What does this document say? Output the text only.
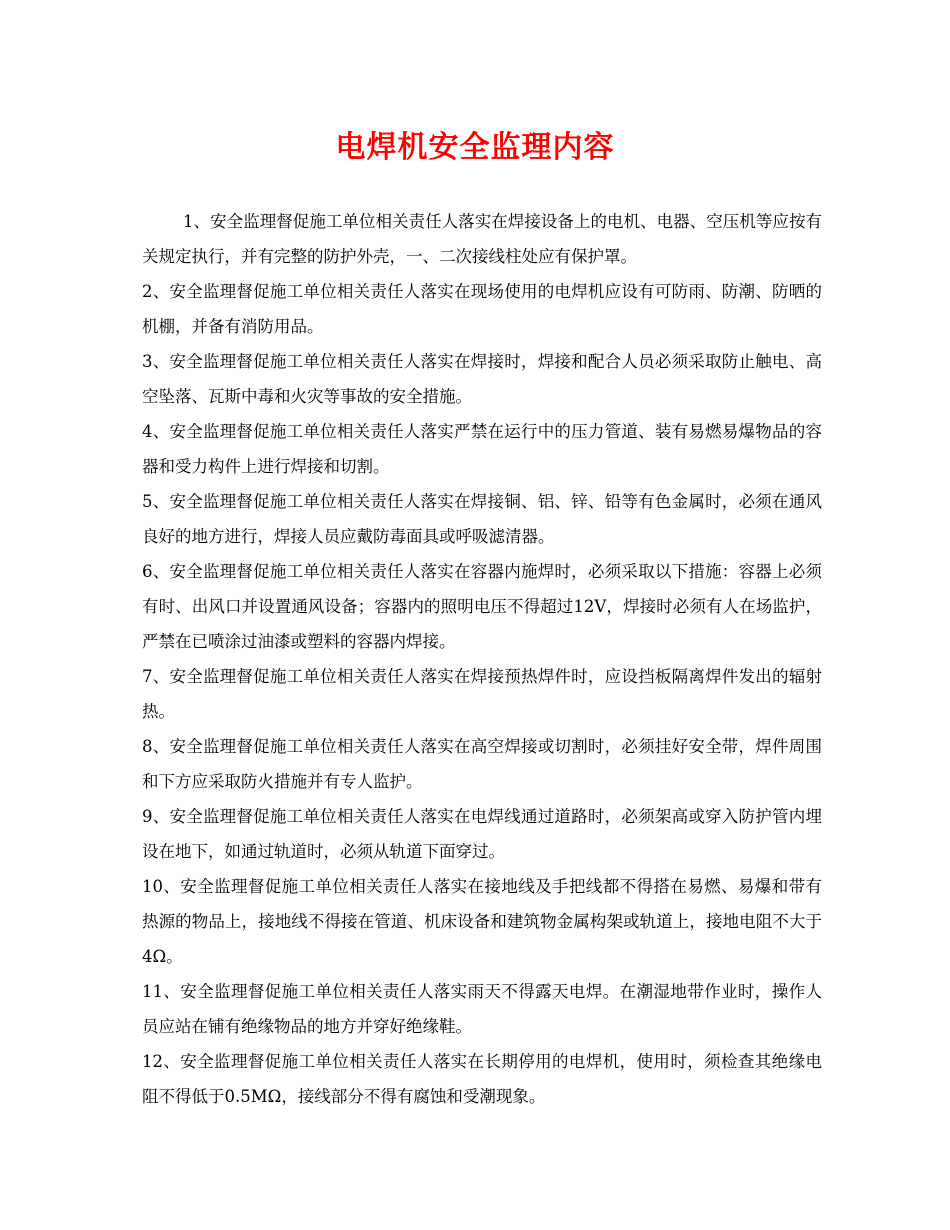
电焊机安全监理内容

1、安全监理督促施工单位相关责任人落实在焊接设备上的电机、电器、空压机等应按有关规定执行，并有完整的防护外壳，一、二次接线柱处应有保护罩。

2、安全监理督促施工单位相关责任人落实在现场使用的电焊机应设有可防雨、防潮、防晒的机棚，并备有消防用品。

3、安全监理督促施工单位相关责任人落实在焊接时，焊接和配合人员必须采取防止触电、高空坠落、瓦斯中毒和火灾等事故的安全措施。

4、安全监理督促施工单位相关责任人落实严禁在运行中的压力管道、装有易燃易爆物品的容器和受力构件上进行焊接和切割。

5、安全监理督促施工单位相关责任人落实在焊接铜、铝、锌、铅等有色金属时，必须在通风良好的地方进行，焊接人员应戴防毒面具或呼吸滤清器。

6、安全监理督促施工单位相关责任人落实在容器内施焊时，必须采取以下措施：容器上必须有时、出风口并设置通风设备；容器内的照明电压不得超过12V，焊接时必须有人在场监护，严禁在已喷涂过油漆或塑料的容器内焊接。

7、安全监理督促施工单位相关责任人落实在焊接预热焊件时，应设挡板隔离焊件发出的辐射热。

8、安全监理督促施工单位相关责任人落实在高空焊接或切割时，必须挂好安全带，焊件周围和下方应采取防火措施并有专人监护。

9、安全监理督促施工单位相关责任人落实在电焊线通过道路时，必须架高或穿入防护管内埋设在地下，如通过轨道时，必须从轨道下面穿过。

10、安全监理督促施工单位相关责任人落实在接地线及手把线都不得搭在易燃、易爆和带有热源的物品上，接地线不得接在管道、机床设备和建筑物金属构架或轨道上，接地电阻不大于4Ω。

11、安全监理督促施工单位相关责任人落实雨天不得露天电焊。在潮湿地带作业时，操作人员应站在铺有绝缘物品的地方并穿好绝缘鞋。

12、安全监理督促施工单位相关责任人落实在长期停用的电焊机，使用时，须检查其绝缘电阻不得低于0.5MΩ，接线部分不得有腐蚀和受潮现象。
